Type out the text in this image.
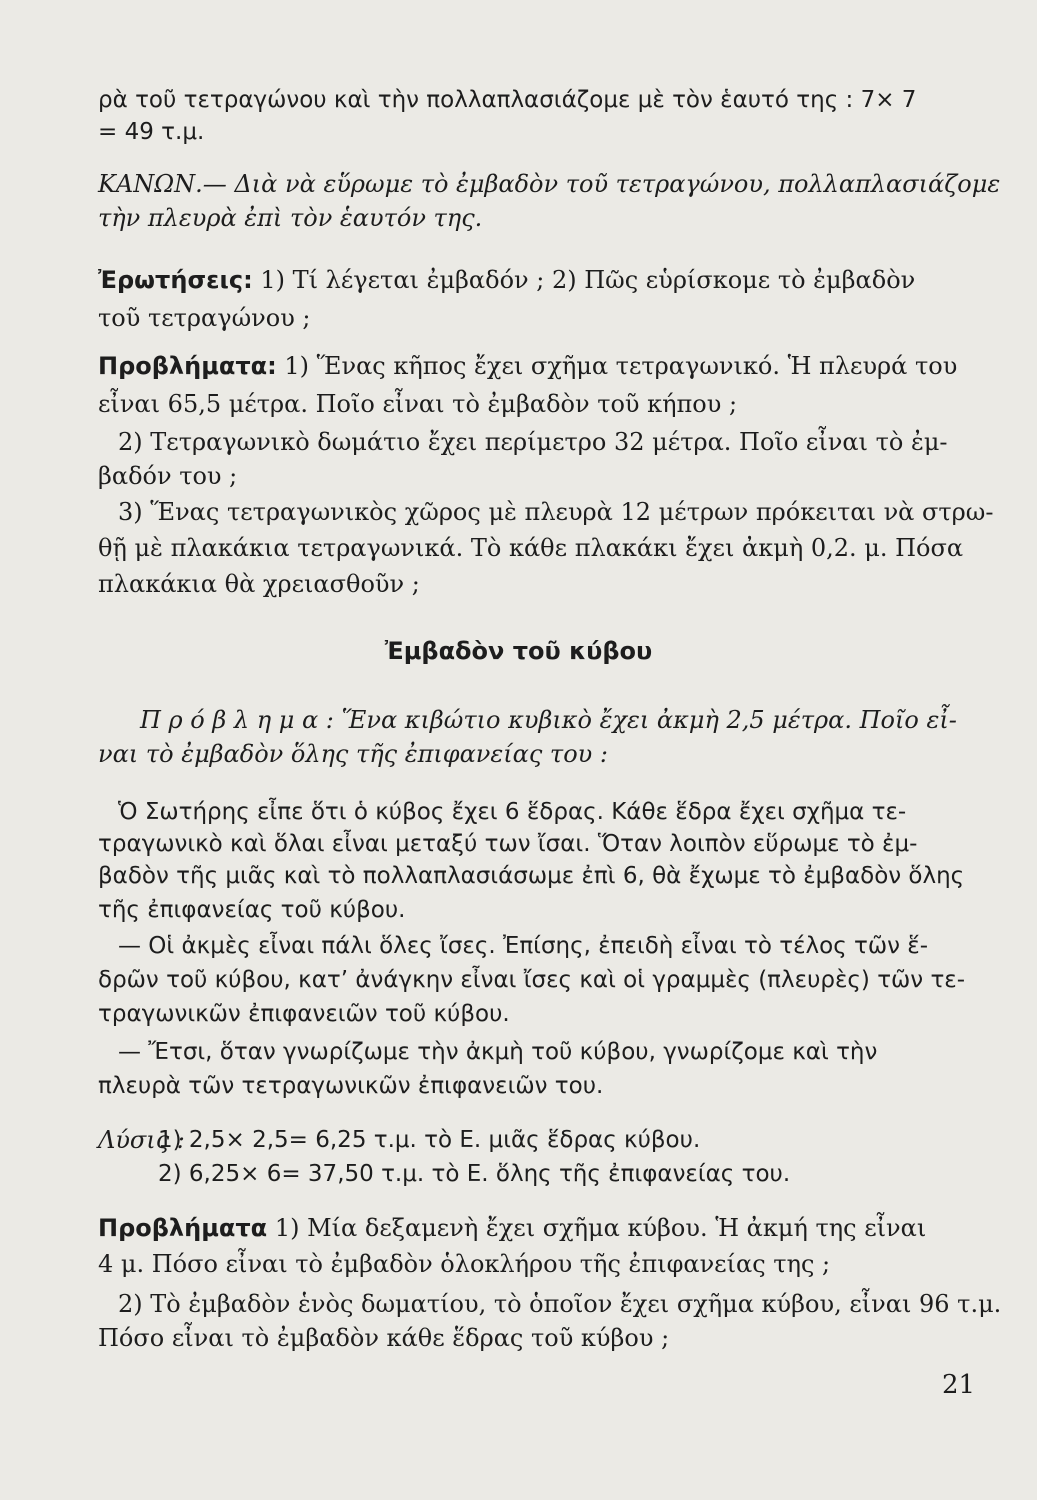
ρὰ τοῦ τετραγώνου καὶ τὴν πολλαπλασιάζομε μὲ τὸν ἑαυτό της : 7× 7
= 49 τ.μ.
ΚΑΝΩΝ.— Διὰ νὰ εὕρωμε τὸ ἐμβαδὸν τοῦ τετραγώνου, πολλαπλασιάζομε
τὴν πλευρὰ ἐπὶ τὸν ἑαυτόν της.
Ἐρωτήσεις: 1) Τί λέγεται ἐμβαδόν ; 2) Πῶς εὑρίσκομε τὸ ἐμβαδὸν
τοῦ τετραγώνου ;
Προβλήματα: 1) Ἕνας κῆπος ἔχει σχῆμα τετραγωνικό. Ἡ πλευρά του
εἶναι 65,5 μέτρα. Ποῖο εἶναι τὸ ἐμβαδὸν τοῦ κήπου ;
2) Τετραγωνικὸ δωμάτιο ἔχει περίμετρο 32 μέτρα. Ποῖο εἶναι τὸ ἐμ-
βαδόν του ;
3) Ἕνας τετραγωνικὸς χῶρος μὲ πλευρὰ 12 μέτρων πρόκειται νὰ στρω-
θῇ μὲ πλακάκια τετραγωνικά. Τὸ κάθε πλακάκι ἔχει ἀκμὴ 0,2. μ. Πόσα
πλακάκια θὰ χρειασθοῦν ;
Ἐμβαδὸν τοῦ κύβου
Π ρ ό β λ η μ α : Ἕνα κιβώτιο κυβικὸ ἔχει ἀκμὴ 2,5 μέτρα. Ποῖο εἶ-
ναι τὸ ἐμβαδὸν ὅλης τῆς ἐπιφανείας του :
Ὁ Σωτήρης εἶπε ὅτι ὁ κύβος ἔχει 6 ἕδρας. Κάθε ἕδρα ἔχει σχῆμα τε-
τραγωνικὸ καὶ ὅλαι εἶναι μεταξύ των ἴσαι. Ὅταν λοιπὸν εὕρωμε τὸ ἐμ-
βαδὸν τῆς μιᾶς καὶ τὸ πολλαπλασιάσωμε ἐπὶ 6, θὰ ἔχωμε τὸ ἐμβαδὸν ὅλης
τῆς ἐπιφανείας τοῦ κύβου.
— Οἱ ἀκμὲς εἶναι πάλι ὅλες ἴσες. Ἐπίσης, ἐπειδὴ εἶναι τὸ τέλος τῶν ἕ-
δρῶν τοῦ κύβου, κατ’ ἀνάγκην εἶναι ἴσες καὶ οἱ γραμμὲς (πλευρὲς) τῶν τε-
τραγωνικῶν ἐπιφανειῶν τοῦ κύβου.
— Ἔτσι, ὅταν γνωρίζωμε τὴν ἀκμὴ τοῦ κύβου, γνωρίζομε καὶ τὴν
πλευρὰ τῶν τετραγωνικῶν ἐπιφανειῶν του.
Λύσις :
1) 2,5× 2,5= 6,25 τ.μ. τὸ Ε. μιᾶς ἕδρας κύβου.
2) 6,25× 6= 37,50 τ.μ. τὸ Ε. ὅλης τῆς ἐπιφανείας του.
Προβλήματα 1) Μία δεξαμενὴ ἔχει σχῆμα κύβου. Ἡ ἀκμή της εἶναι
4 μ. Πόσο εἶναι τὸ ἐμβαδὸν ὁλοκλήρου τῆς ἐπιφανείας της ;
2) Τὸ ἐμβαδὸν ἑνὸς δωματίου, τὸ ὁποῖον ἔχει σχῆμα κύβου, εἶναι 96 τ.μ.
Πόσο εἶναι τὸ ἐμβαδὸν κάθε ἕδρας τοῦ κύβου ;
21
